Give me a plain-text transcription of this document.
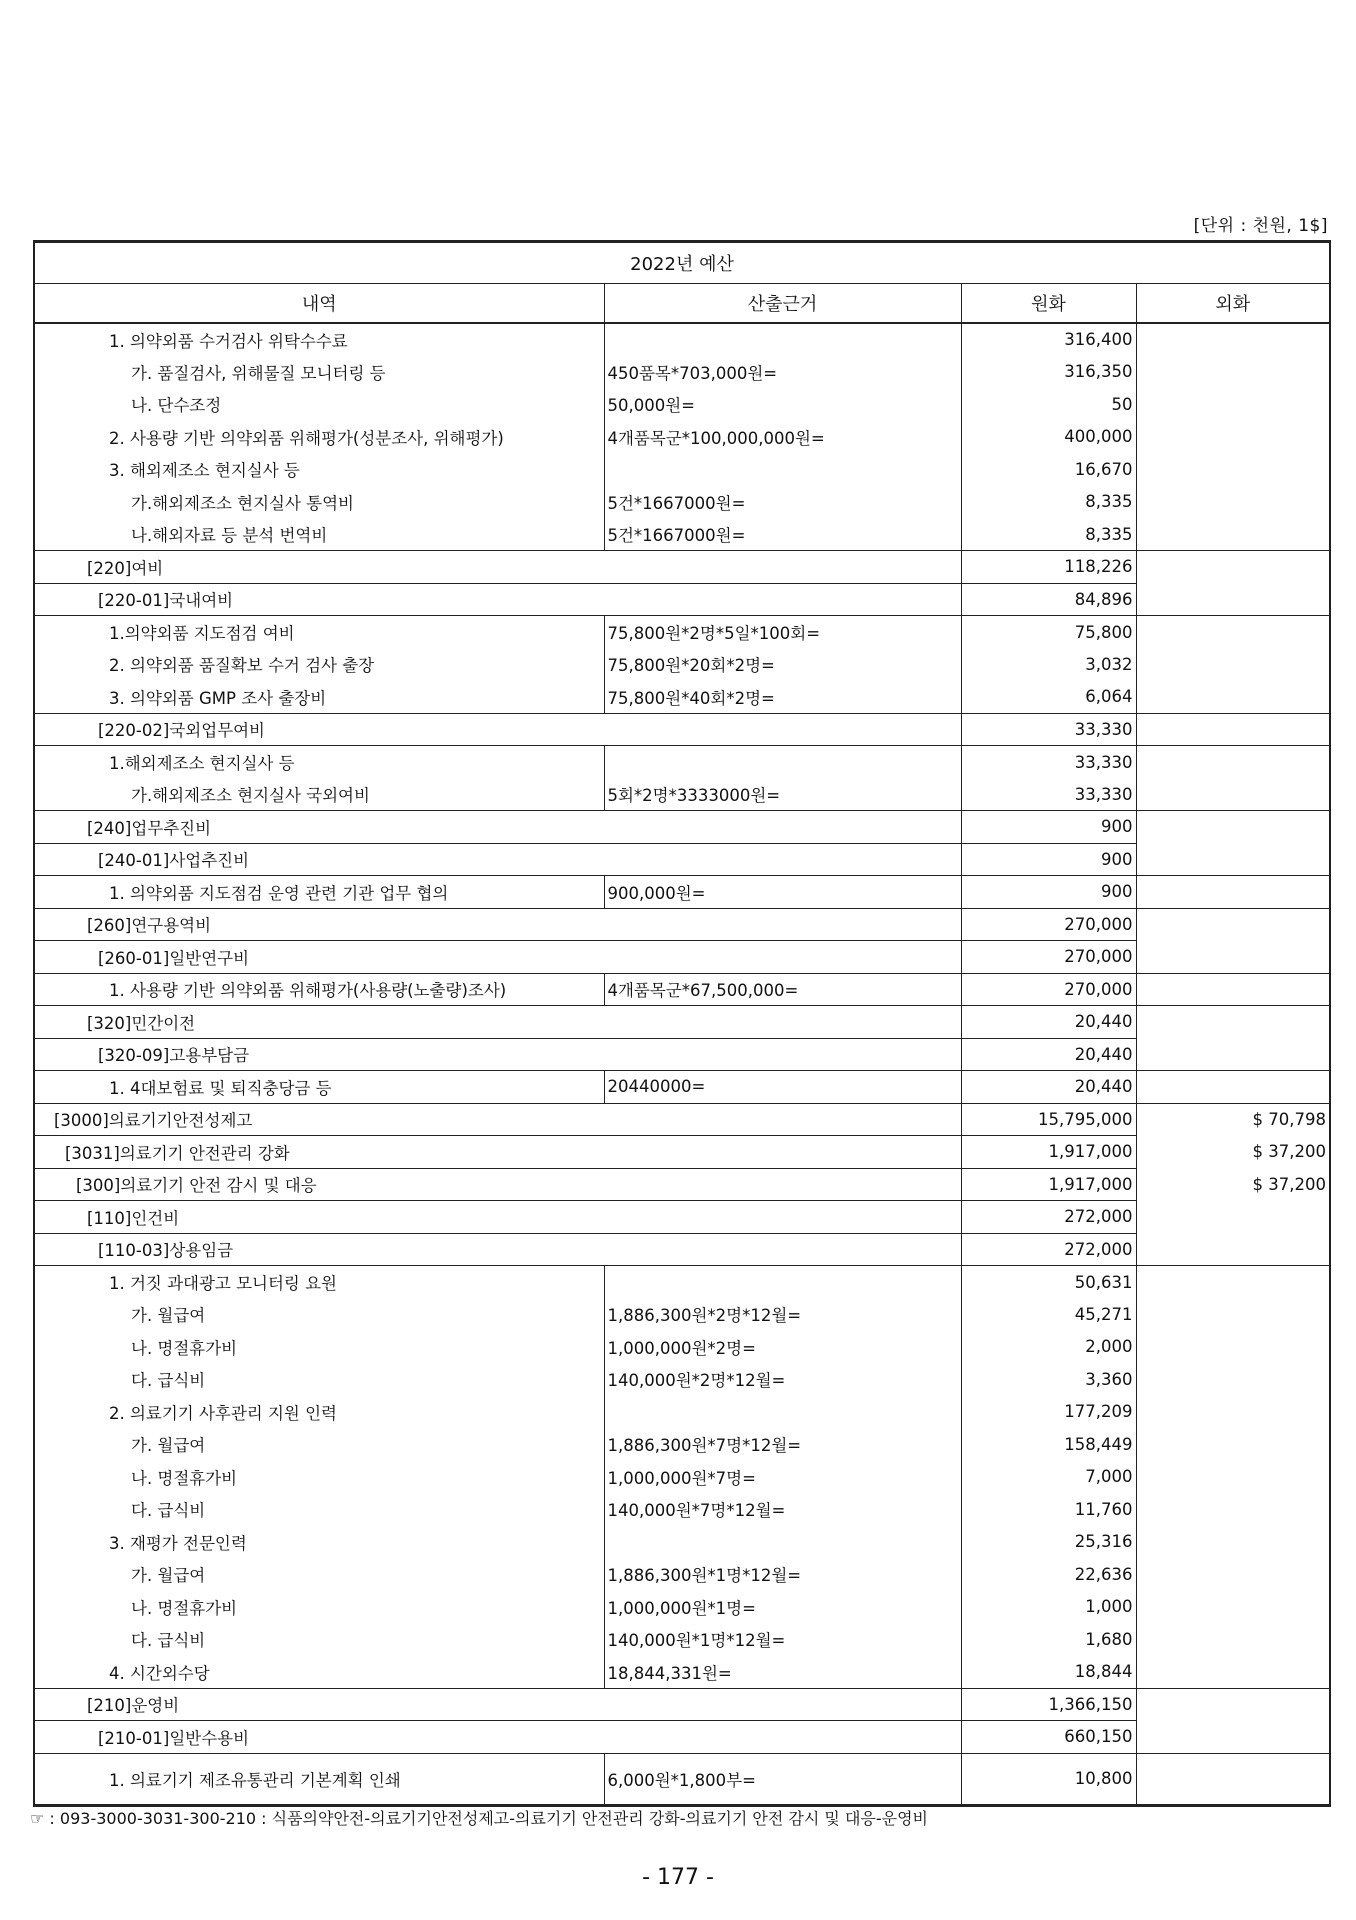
[단위 : 천원, 1$]
2022년 예산			
내역	산출근거	원화	외화
1. 의약외품 수거검사 위탁수수료		316,400	
가. 품질검사, 위해물질 모니터링 등	450품목*703,000원=	316,350	
나. 단수조정	50,000원=	50	
2. 사용량 기반 의약외품 위해평가(성분조사, 위해평가)	4개품목군*100,000,000원=	400,000	
3. 해외제조소 현지실사 등		16,670	
가.해외제조소 현지실사 통역비	5건*1667000원=	8,335	
나.해외자료 등 분석 번역비	5건*1667000원=	8,335	
[220]여비		118,226	
[220-01]국내여비		84,896	
1.의약외품 지도점검 여비	75,800원*2명*5일*100회=	75,800	
2. 의약외품 품질확보 수거 검사 출장	75,800원*20회*2명=	3,032	
3. 의약외품 GMP 조사 출장비	75,800원*40회*2명=	6,064	
[220-02]국외업무여비		33,330	
1.해외제조소 현지실사 등		33,330	
가.해외제조소 현지실사 국외여비	5회*2명*3333000원=	33,330	
[240]업무추진비		900	
[240-01]사업추진비		900	
1. 의약외품 지도점검 운영 관련 기관 업무 협의	900,000원=	900	
[260]연구용역비		270,000	
[260-01]일반연구비		270,000	
1. 사용량 기반 의약외품 위해평가(사용량(노출량)조사)	4개품목군*67,500,000=	270,000	
[320]민간이전		20,440	
[320-09]고용부담금		20,440	
1. 4대보험료 및 퇴직충당금 등	20440000=	20,440	
[3000]의료기기안전성제고		15,795,000	$ 70,798
[3031]의료기기 안전관리 강화		1,917,000	$ 37,200
[300]의료기기 안전 감시 및 대응		1,917,000	$ 37,200
[110]인건비		272,000	
[110-03]상용임금		272,000	
1. 거짓 과대광고 모니터링 요원		50,631	
가. 월급여	1,886,300원*2명*12월=	45,271	
나. 명절휴가비	1,000,000원*2명=	2,000	
다. 급식비	140,000원*2명*12월=	3,360	
2. 의료기기 사후관리 지원 인력		177,209	
가. 월급여	1,886,300원*7명*12월=	158,449	
나. 명절휴가비	1,000,000원*7명=	7,000	
다. 급식비	140,000원*7명*12월=	11,760	
3. 재평가 전문인력		25,316	
가. 월급여	1,886,300원*1명*12월=	22,636	
나. 명절휴가비	1,000,000원*1명=	1,000	
다. 급식비	140,000원*1명*12월=	1,680	
4. 시간외수당	18,844,331원=	18,844	
[210]운영비		1,366,150	
[210-01]일반수용비		660,150	
1. 의료기기 제조유통관리 기본계획 인쇄	6,000원*1,800부=	10,800	
☞ : 093-3000-3031-300-210 : 식품의약안전-의료기기안전성제고-의료기기 안전관리 강화-의료기기 안전 감시 및 대응-운영비
- 177 -
